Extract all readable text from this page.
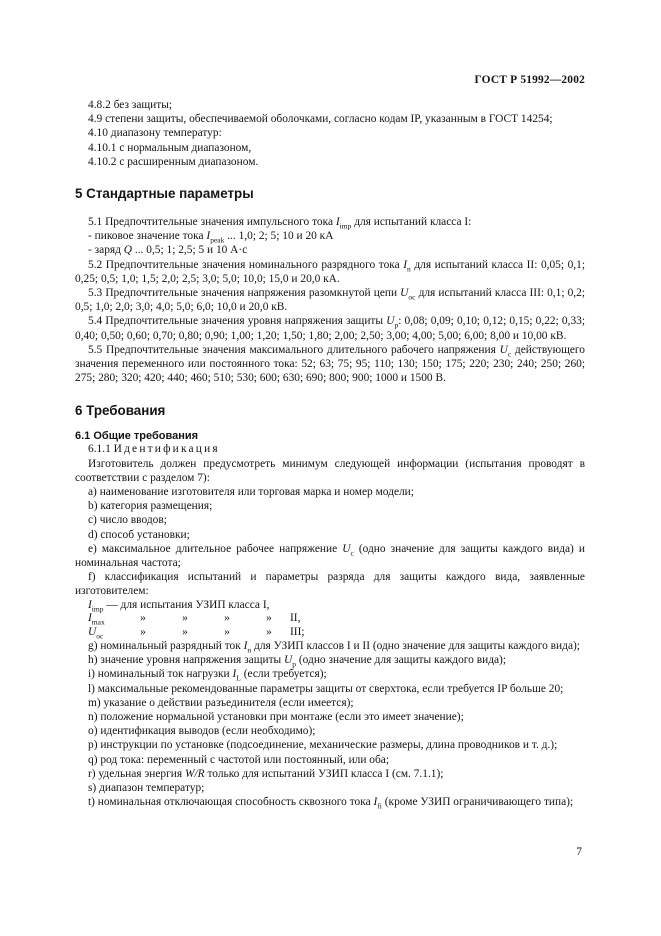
ГОСТ Р 51992—2002

4.8.2 без защиты;

4.9 степени защиты, обеспечиваемой оболочками, согласно кодам IP, указанным в ГОСТ 14254;

4.10 диапазону температур:

4.10.1 с нормальным диапазоном,

4.10.2 с расширенным диапазоном.

5 Стандартные параметры

5.1 Предпочтительные значения импульсного тока $I_{imp}$ для испытаний класса I:

- пиковое значение тока $I_{peak}$ ... 1,0; 2; 5; 10 и 20 кА

- заряд Q ... 0,5; 1; 2,5; 5 и 10 А·с

5.2 Предпочтительные значения номинального разрядного тока $I_n$ для испытаний класса II: 0,05; 0,1; 0,25; 0,5; 1,0; 1,5; 2,0; 2,5; 3,0; 5,0; 10,0; 15,0 и 20,0 кА.

5.3 Предпочтительные значения напряжения разомкнутой цепи $U_{oc}$ для испытаний класса III: 0,1; 0,2; 0,5; 1,0; 2,0; 3,0; 4,0; 5,0; 6,0; 10,0 и 20,0 кВ.

5.4 Предпочтительные значения уровня напряжения защиты $U_p$: 0,08; 0,09; 0,10; 0,12; 0,15; 0,22; 0,33; 0,40; 0,50; 0,60; 0,70; 0,80; 0,90; 1,00; 1,20; 1,50; 1,80; 2,00; 2,50; 3,00; 4,00; 5,00; 6,00; 8,00 и 10,00 кВ.

5.5 Предпочтительные значения максимального длительного рабочего напряжения $U_c$ действующего значения переменного или постоянного тока: 52; 63; 75; 95; 110; 130; 150; 175; 220; 230; 240; 250; 260; 275; 280; 320; 420; 440; 460; 510; 530; 600; 630; 690; 800; 900; 1000 и 1500 В.

6 Требования
6.1 Общие требования

6.1.1 Идентификация

Изготовитель должен предусмотреть минимум следующей информации (испытания проводят в соответствии с разделом 7):

a) наименование изготовителя или торговая марка и номер модели;

b) категория размещения;

c) число вводов;

d) способ установки;

e) максимальное длительное рабочее напряжение $U_c$ (одно значение для защиты каждого вида) и номинальная частота;

f) классификация испытаний и параметры разряда для защиты каждого вида, заявленные изготовителем:

$I_{imp}$ — для испытания УЗИП класса I,
$I_{max}$	»	»	»	» II,
$U_{oc}$	»	»	»	» III;

g) номинальный разрядный ток $I_n$ для УЗИП классов I и II (одно значение для защиты каждого вида);

h) значение уровня напряжения защиты $U_p$ (одно значение для защиты каждого вида);

i) номинальный ток нагрузки $I_L$ (если требуется);

l) максимальные рекомендованные параметры защиты от сверхтока, если требуется IP больше 20;

m) указание о действии разъединителя (если имеется);

n) положение нормальной установки при монтаже (если это имеет значение);

o) идентификация выводов (если необходимо);

p) инструкции по установке (подсоединение, механические размеры, длина проводников и т. д.);

q) род тока: переменный с частотой или постоянный, или оба;

r) удельная энергия W/R только для испытаний УЗИП класса I (см. 7.1.1);

s) диапазон температур;

t) номинальная отключающая способность сквозного тока $I_{fi}$ (кроме УЗИП ограничивающего типа);

7
